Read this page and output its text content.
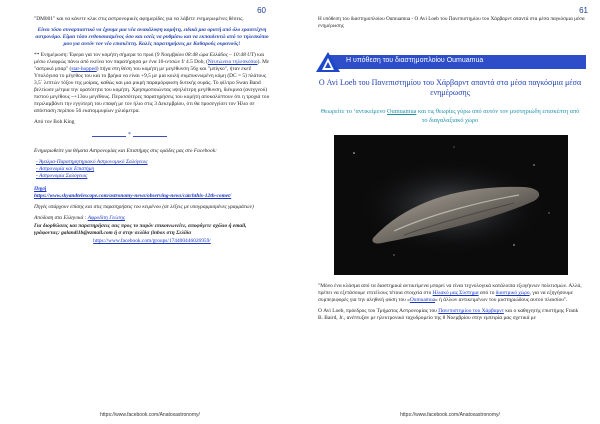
60

"DM001" και να κάνετε κλικ στις αστρονομικές αφημερίδες για να λάβετε ενημερωμένες θέσεις.

Είναι τόσο συναρπαστικό να έχουμε μια νέα ανακάλυψη κομήτη, ειδικά μια ορατή από όλο ερασιτέχνη αστρονόμο. Είμαι τόσο ενθουσιασμένος όσο και εσείς να ρυθμίσω και να εκπαιδευτώ από το τηλεσκόπιο μου για αυτόν τον νέο επισκέπτη. Καλές παρατηρήσεις με Καθαρούς ουρανούς!

** Ενημέρωση: Έφερα για τον κομήτη σήμερα το πρωί (9 Νοεμβρίου 08:48 ώρα Ελλάδος – 10:48 UT) και μέσω ελαφρώς πάνω από εκείνα τον παρατήρησα με ένα 10-ιντσών f/ 4.5 Dob, (Νευτώνειο τηλεσκόπιο). Με "αστρικό μπαρ" (star-hopped) πήγα στη θέση του κομήτη με μεγέθυνση 56χ και "μπίγκο", ήταν εκεί! Υπολόγισα το μέγεθος του και το βρήκα να είναι +9,5 με μια κοιλή συμπυκνωμένη κόμη (DC = 5) πλάτους 3,5΄ λεπτών τόξου της μοίρας, καθώς και μια μικρή παραμόρφωση δυτικής ουράς. Το φίλτρο Swan Band βελτίωσε μέτρια την ορατότητα του κομήτη. Χρησιμοποιώντας υψηλότερη μεγέθυνση, διέκρινα (ανεγγνού) πιστού μεγέθους ~+13ου μεγέθους. Περισσότερες παρατηρήσεις του κομήτη αποκαλύπτουν ότι η τροχιά του περιλαμβάνει την εγγύτερή του επαφή με τον ήλιο στις 3 Δεκεμβρίου, ότι θα προσεγγίσει τον Ήλιο σε απόσταση περίπου 56 εκατομμυρίων χιλιόμετρα.

Από τον Bob King

*

Ενημερωθείτε για θέματα Αστρονομίας και Επιστήμης στις ομάδες μας στο Facebook:

- Άγαλμα-Παρατηρητηριακό Αστρονομικό Σαλόγειος
- Αστρονομία και Επιστήμη
- Αστρονομία Σαλόγειος

Πηγή
https://www.skyandtelescope.com/astronomy-news/observing-news/catchthis-12th-comet/

Πηγές υπάρχουν επίσης και στις παρατηρήσεις του κειμένου (σε λέξεις με υπογραμμισμένες γραμμάτων)

Απόδοση στα Ελληνικά : Αφροδίτη Γεώτης

Για διορθώσεις και παρατηρήσεις σας προς το παρόν επικοινωνείτε, αποφύγετε σχόλιο ή email, γράφοντας: galandi1b@ezmail.com ή σ στην σελίδα (inbox στη Σελίδα

https://www.facebook.com/groups/174400446026959/

https://www.facebook.com/Anatoxastronomy/
61

Η υπόθεση του διαστημοπλοίου Oumuamua - Ο Avi Loeb του Πανεπιστημίου του Χάρβαρντ απαντά στα μέσα παγκόσμια μέσα ενημέρωσης

Η υπόθεση του διαστημοπλοίου Oumuamua
Ο Avi Loeb του Πανεπιστημίου του Χάρβαρντ απαντά στα μέσα παγκόσμια μέσα ενημέρωσης
Θεωρείτε το ‘αντικείμενο Oumuamua και τις θεωρίες γύρω από αυτόν τον μυστηριώδη επισκέπτη από το διαγαλαξιακό χώρο

"Μόνο ένα κλάσμα από τα διαστημικά αντικείμενα μπορεί να είναι τεχνολογικά κατάλοιπα εξωγήινων πολιτισμών. Αλλά, πρέπει να εξετάσουμε επιτέλους τέτοια στοιχεία στο Ηλιακό μας Σύστημα από το διαστρικό χώρο, για να εξηγήσουμε συμπεριφορές για την αληθινή φύση του «Oumuamua» ή άλλων αντικειμένων του μυστηριώδους αυτού πλαισίου".

Ο Avi Loeb, πρόεδρος του Τμήματος Αστρονομίας του Πανεπιστημίου του Χάρβαρντ και ο καθηγητής επιστήμης Frank B. Baird, Jr., ανέπτυξαν με ηλεκτρονικό ταχυδρομείο της 8 Νοεμβρίου στην εμπειρία μας σχετικά με

https://www.facebook.com/Anatoxastronomy/
